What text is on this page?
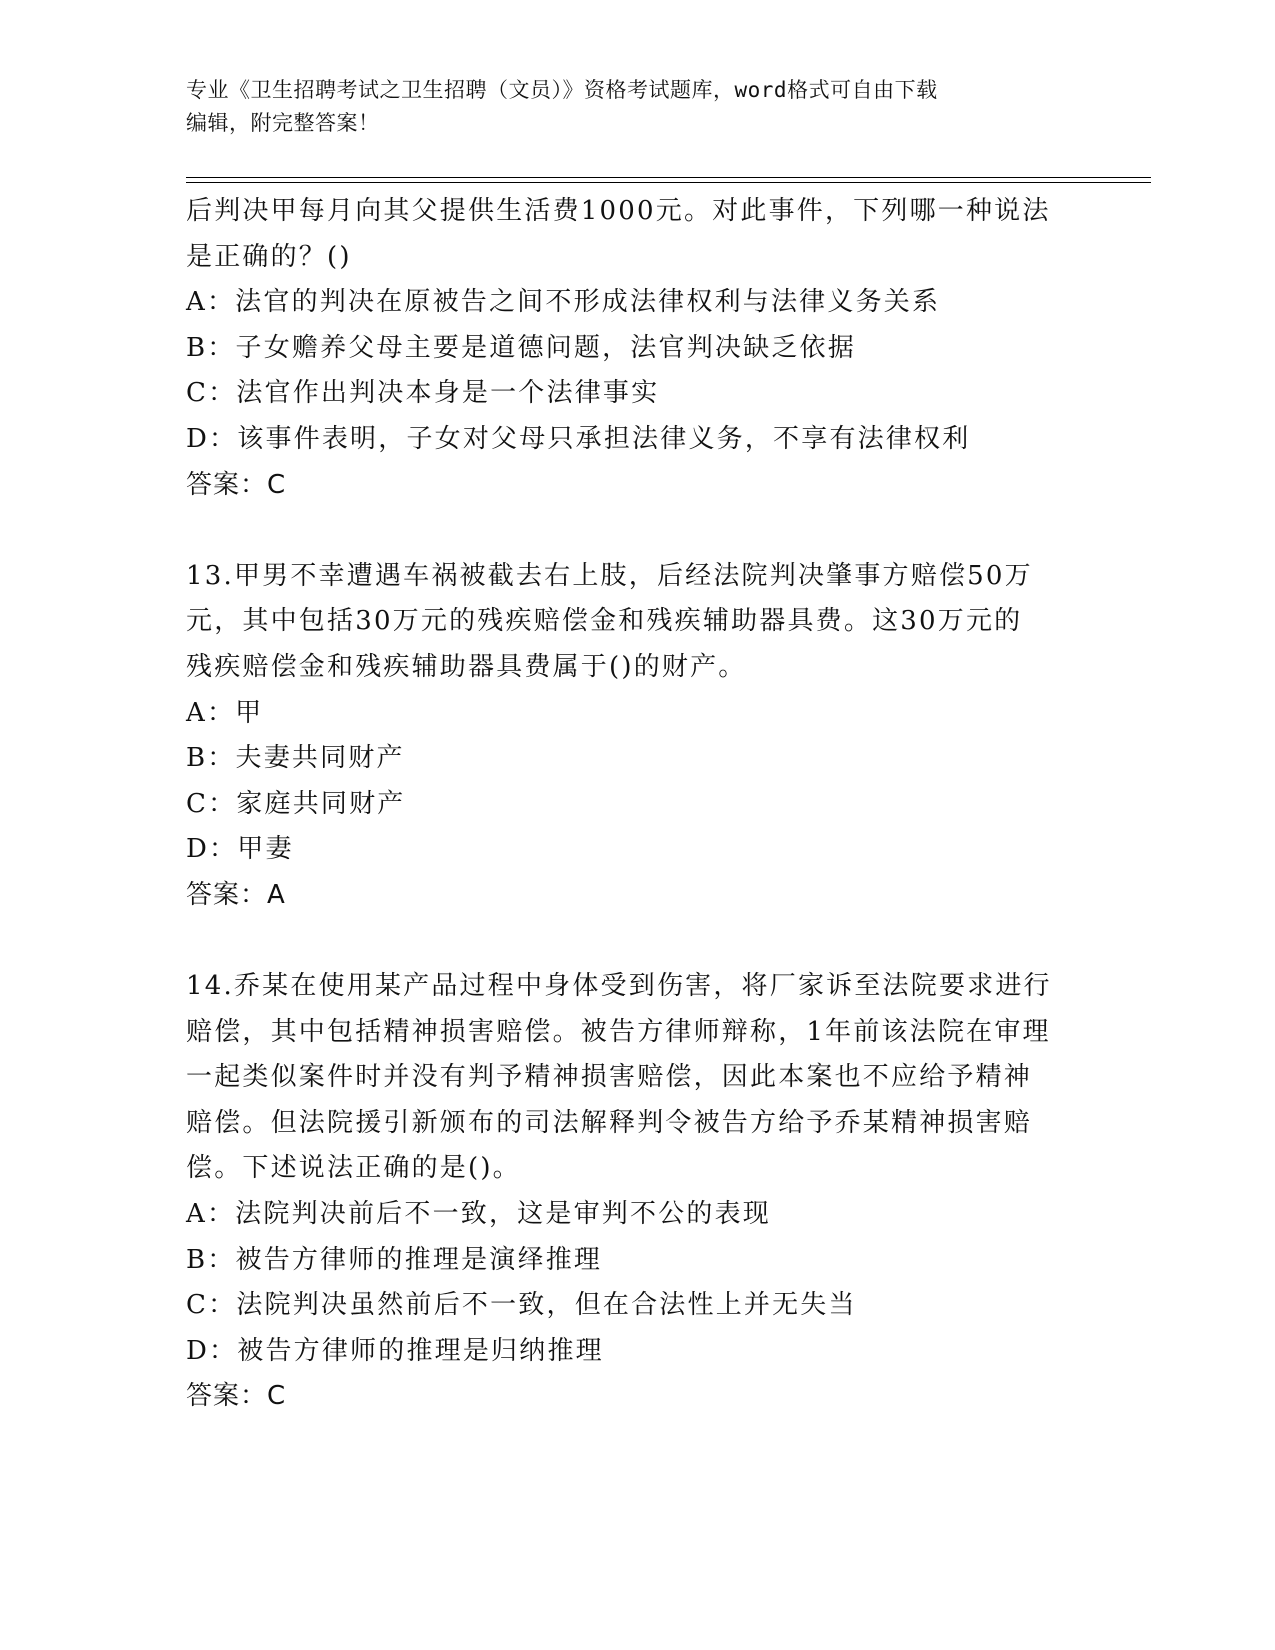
专业《卫生招聘考试之卫生招聘（文员）》资格考试题库，word格式可自由下载
编辑，附完整答案！
后判决甲每月向其父提供生活费1000元。对此事件，下列哪一种说法
是正确的？()
A：法官的判决在原被告之间不形成法律权利与法律义务关系
B：子女赡养父母主要是道德问题，法官判决缺乏依据
C：法官作出判决本身是一个法律事实
D：该事件表明，子女对父母只承担法律义务，不享有法律权利
答案：C
13.甲男不幸遭遇车祸被截去右上肢，后经法院判决肇事方赔偿50万
元，其中包括30万元的残疾赔偿金和残疾辅助器具费。这30万元的
残疾赔偿金和残疾辅助器具费属于()的财产。
A：甲
B：夫妻共同财产
C：家庭共同财产
D：甲妻
答案：A
14.乔某在使用某产品过程中身体受到伤害，将厂家诉至法院要求进行
赔偿，其中包括精神损害赔偿。被告方律师辩称，1年前该法院在审理
一起类似案件时并没有判予精神损害赔偿，因此本案也不应给予精神
赔偿。但法院援引新颁布的司法解释判令被告方给予乔某精神损害赔
偿。下述说法正确的是()。
A：法院判决前后不一致，这是审判不公的表现
B：被告方律师的推理是演绎推理
C：法院判决虽然前后不一致，但在合法性上并无失当
D：被告方律师的推理是归纳推理
答案：C
